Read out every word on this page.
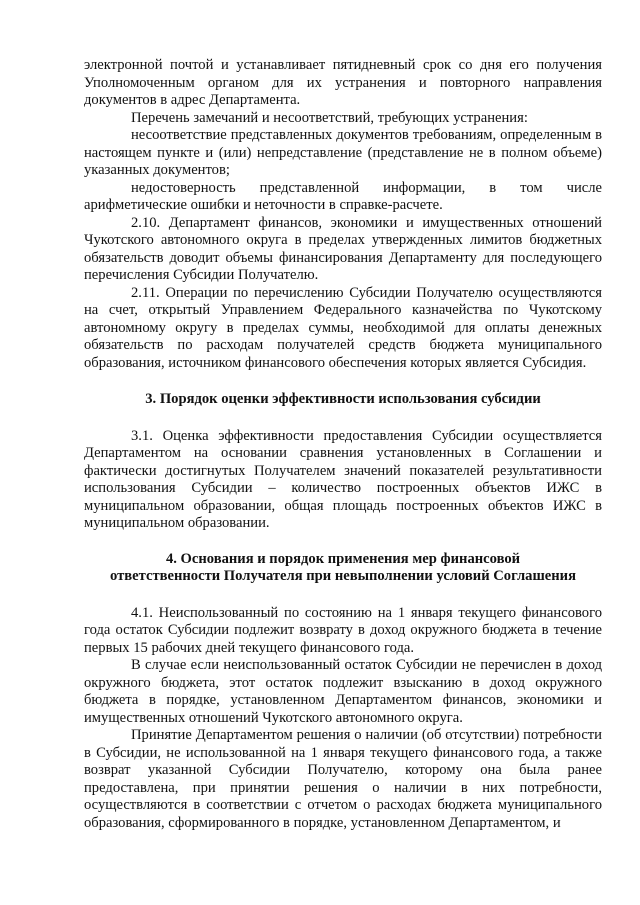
электронной почтой и устанавливает пятидневный срок со дня его получения Уполномоченным органом для их устранения и повторного направления документов в адрес Департамента.

Перечень замечаний и несоответствий, требующих устранения:

несоответствие представленных документов требованиям, определенным в настоящем пункте и (или) непредставление (представление не в полном объеме) указанных документов;

недостоверность представленной информации, в том числе арифметические ошибки и неточности в справке-расчете.

2.10. Департамент финансов, экономики и имущественных отношений Чукотского автономного округа в пределах утвержденных лимитов бюджетных обязательств доводит объемы финансирования Департаменту для последующего перечисления Субсидии Получателю.

2.11. Операции по перечислению Субсидии Получателю осуществляются на счет, открытый Управлением Федерального казначейства по Чукотскому автономному округу в пределах суммы, необходимой для оплаты денежных обязательств по расходам получателей средств бюджета муниципального образования, источником финансового обеспечения которых является Субсидия.

3. Порядок оценки эффективности использования субсидии

3.1. Оценка эффективности предоставления Субсидии осуществляется Департаментом на основании сравнения установленных в Соглашении и фактически достигнутых Получателем значений показателей результативности использования Субсидии – количество построенных объектов ИЖС в муниципальном образовании, общая площадь построенных объектов ИЖС в муниципальном образовании.

4. Основания и порядок применения мер финансовой
ответственности Получателя при невыполнении условий Соглашения

4.1. Неиспользованный по состоянию на 1 января текущего финансового года остаток Субсидии подлежит возврату в доход окружного бюджета в течение первых 15 рабочих дней текущего финансового года.

В случае если неиспользованный остаток Субсидии не перечислен в доход окружного бюджета, этот остаток подлежит взысканию в доход окружного бюджета в порядке, установленном Департаментом финансов, экономики и имущественных отношений Чукотского автономного округа.

Принятие Департаментом решения о наличии (об отсутствии) потребности в Субсидии, не использованной на 1 января текущего финансового года, а также возврат указанной Субсидии Получателю, которому она была ранее предоставлена, при принятии решения о наличии в них потребности, осуществляются в соответствии с отчетом о расходах бюджета муниципального образования, сформированного в порядке, установленном Департаментом, и
